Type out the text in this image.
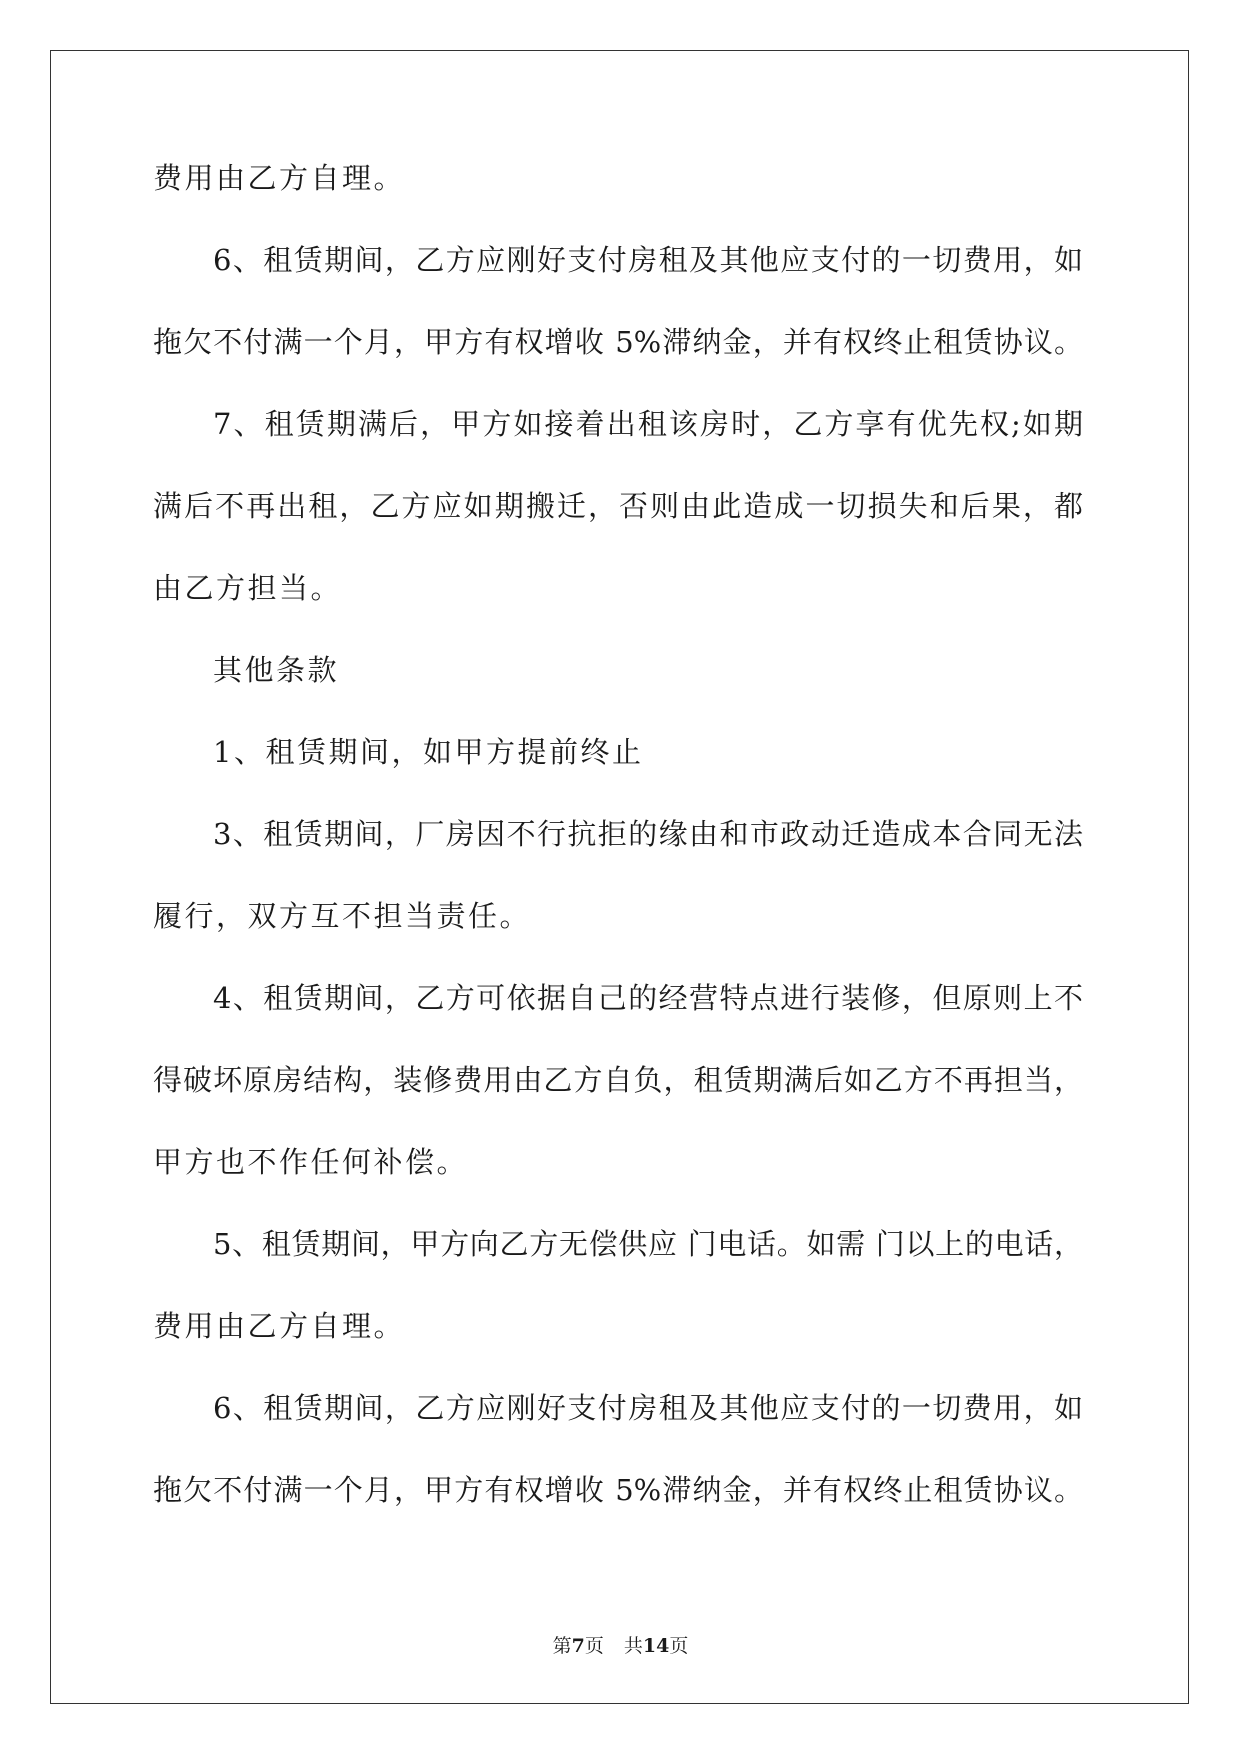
费用由乙方自理。
6、租赁期间，乙方应刚好支付房租及其他应支付的一切费用，如
拖欠不付满一个月，甲方有权增收 5%滞纳金，并有权终止租赁协议。
7、租赁期满后，甲方如接着出租该房时，乙方享有优先权;如期
满后不再出租，乙方应如期搬迁，否则由此造成一切损失和后果，都
由乙方担当。
其他条款
1、租赁期间，如甲方提前终止
3、租赁期间，厂房因不行抗拒的缘由和市政动迁造成本合同无法
履行，双方互不担当责任。
4、租赁期间，乙方可依据自己的经营特点进行装修，但原则上不
得破坏原房结构，装修费用由乙方自负，租赁期满后如乙方不再担当，
甲方也不作任何补偿。
5、租赁期间，甲方向乙方无偿供应 门电话。如需 门以上的电话，
费用由乙方自理。
6、租赁期间，乙方应刚好支付房租及其他应支付的一切费用，如
拖欠不付满一个月，甲方有权增收 5%滞纳金，并有权终止租赁协议。
第7页 共14页
